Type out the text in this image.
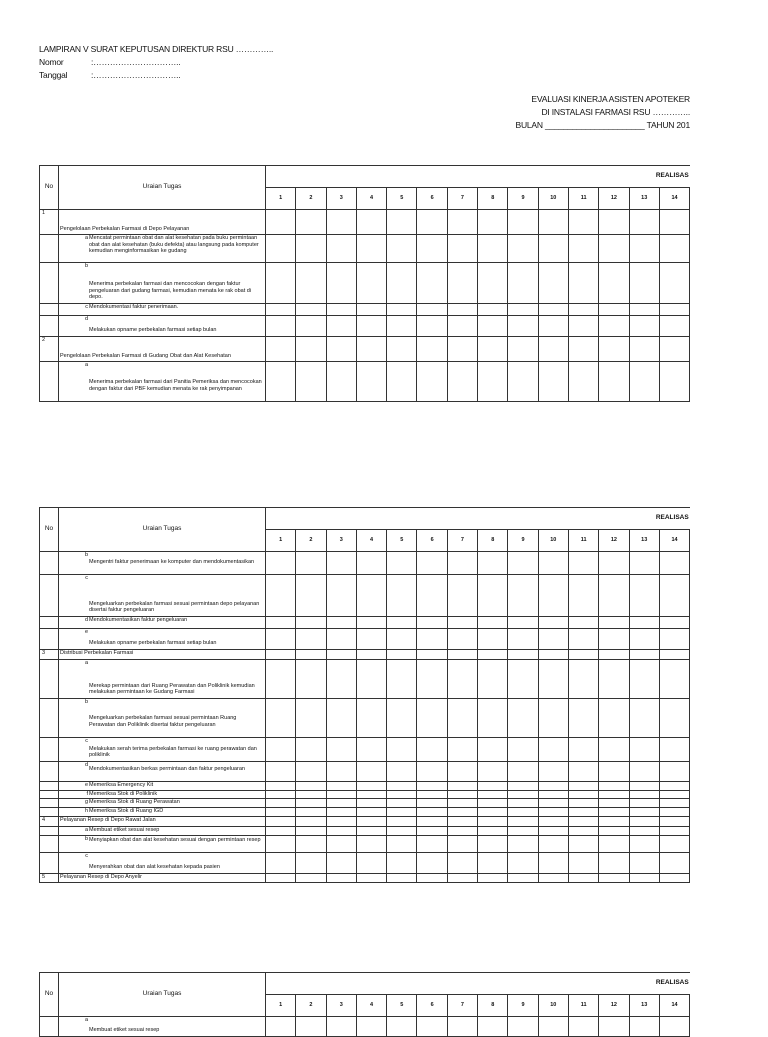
LAMPIRAN V SURAT KEPUTUSAN DIREKTUR RSU …………..
Nomor	:…………………………..
Tanggal	:…………………………..
EVALUASI KINERJA ASISTEN APOTEKER
DI INSTALASI FARMASI RSU …………..
BULAN ______________________ TAHUN 201
No	Uraian Tugas	REALISAS													
		1	2	3	4	5	6	7	8	9	10	11	12	13	14
1	Pengelolaan Perbekalan Farmasi di Depo Pelayanan														

	a Mencatat permintaan obat dan alat kesehatan pada buku permintaan obat dan alat kesehatan (buku defekta) atau langsung pada komputer kemudian menginformasikan ke gudang														

	b
Menerima perbekalan farmasi dan mencocokan dengan faktur pengeluaran dari gudang farmasi, kemudian menata ke rak obat di depo.														

	c Mendokumentasi faktur penerimaan.														

	d
Melakukan opname perbekalan farmasi setiap bulan														

2	Pengelolaan Perbekalan Farmasi di Gudang Obat dan Alat Kesehatan														

	a
Menerima perbekalan farmasi dari Panitia Pemeriksa dan mencocokan dengan faktur dari PBF kemudian menata ke rak penyimpanan														

No	Uraian Tugas	REALISAS													
		1	2	3	4	5	6	7	8	9	10	11	12	13	14

	b
Mengentri faktur penerimaan ke komputer dan mendokumentasikan														

	c
Mengeluarkan perbekalan farmasi sesuai permintaan depo pelayanan disertai faktur pengeluaran														

	d Mendokumentasikan faktur pengeluaran														

	e
Melakukan opname perbekalan farmasi setiap bulan														

3	Distribusi Perbekalan Farmasi														

	a
Merekap permintaan dari Ruang Perawatan dan Poliklinik kemudian melakukan permintaan ke Gudang Farmasi														

	b
Mengeluarkan perbekalan farmasi sesuai permintaan Ruang Perawatan dan Poliklinik disertai faktur pengeluaran														

	c
Melakukan serah terima perbekalan farmasi ke ruang perawatan dan poliklinik														

	d
Mendokumentasikan berkas permintaan dan faktur pengeluaran														

	e Memeriksa Emergency Kit														

	f Memeriksa Stok di Poliklinik														

	g Memeriksa Stok di Ruang Perawatan														

	h Memeriksa Stok di Ruang IGD														

4	Pelayanan Resep di Depo Rawat Jalan														

	a Membuat etiket sesuai resep														

	b Menyiapkan obat dan alat kesehatan sesuai dengan permintaan resep														

	c
Menyerahkan obat dan alat kesehatan kepada pasien														

5	Pelayanan Resep di Depo Anyelir														

No	Uraian Tugas	REALISAS													
		1	2	3	4	5	6	7	8	9	10	11	12	13	14

	a
Membuat etiket sesuai resep														
